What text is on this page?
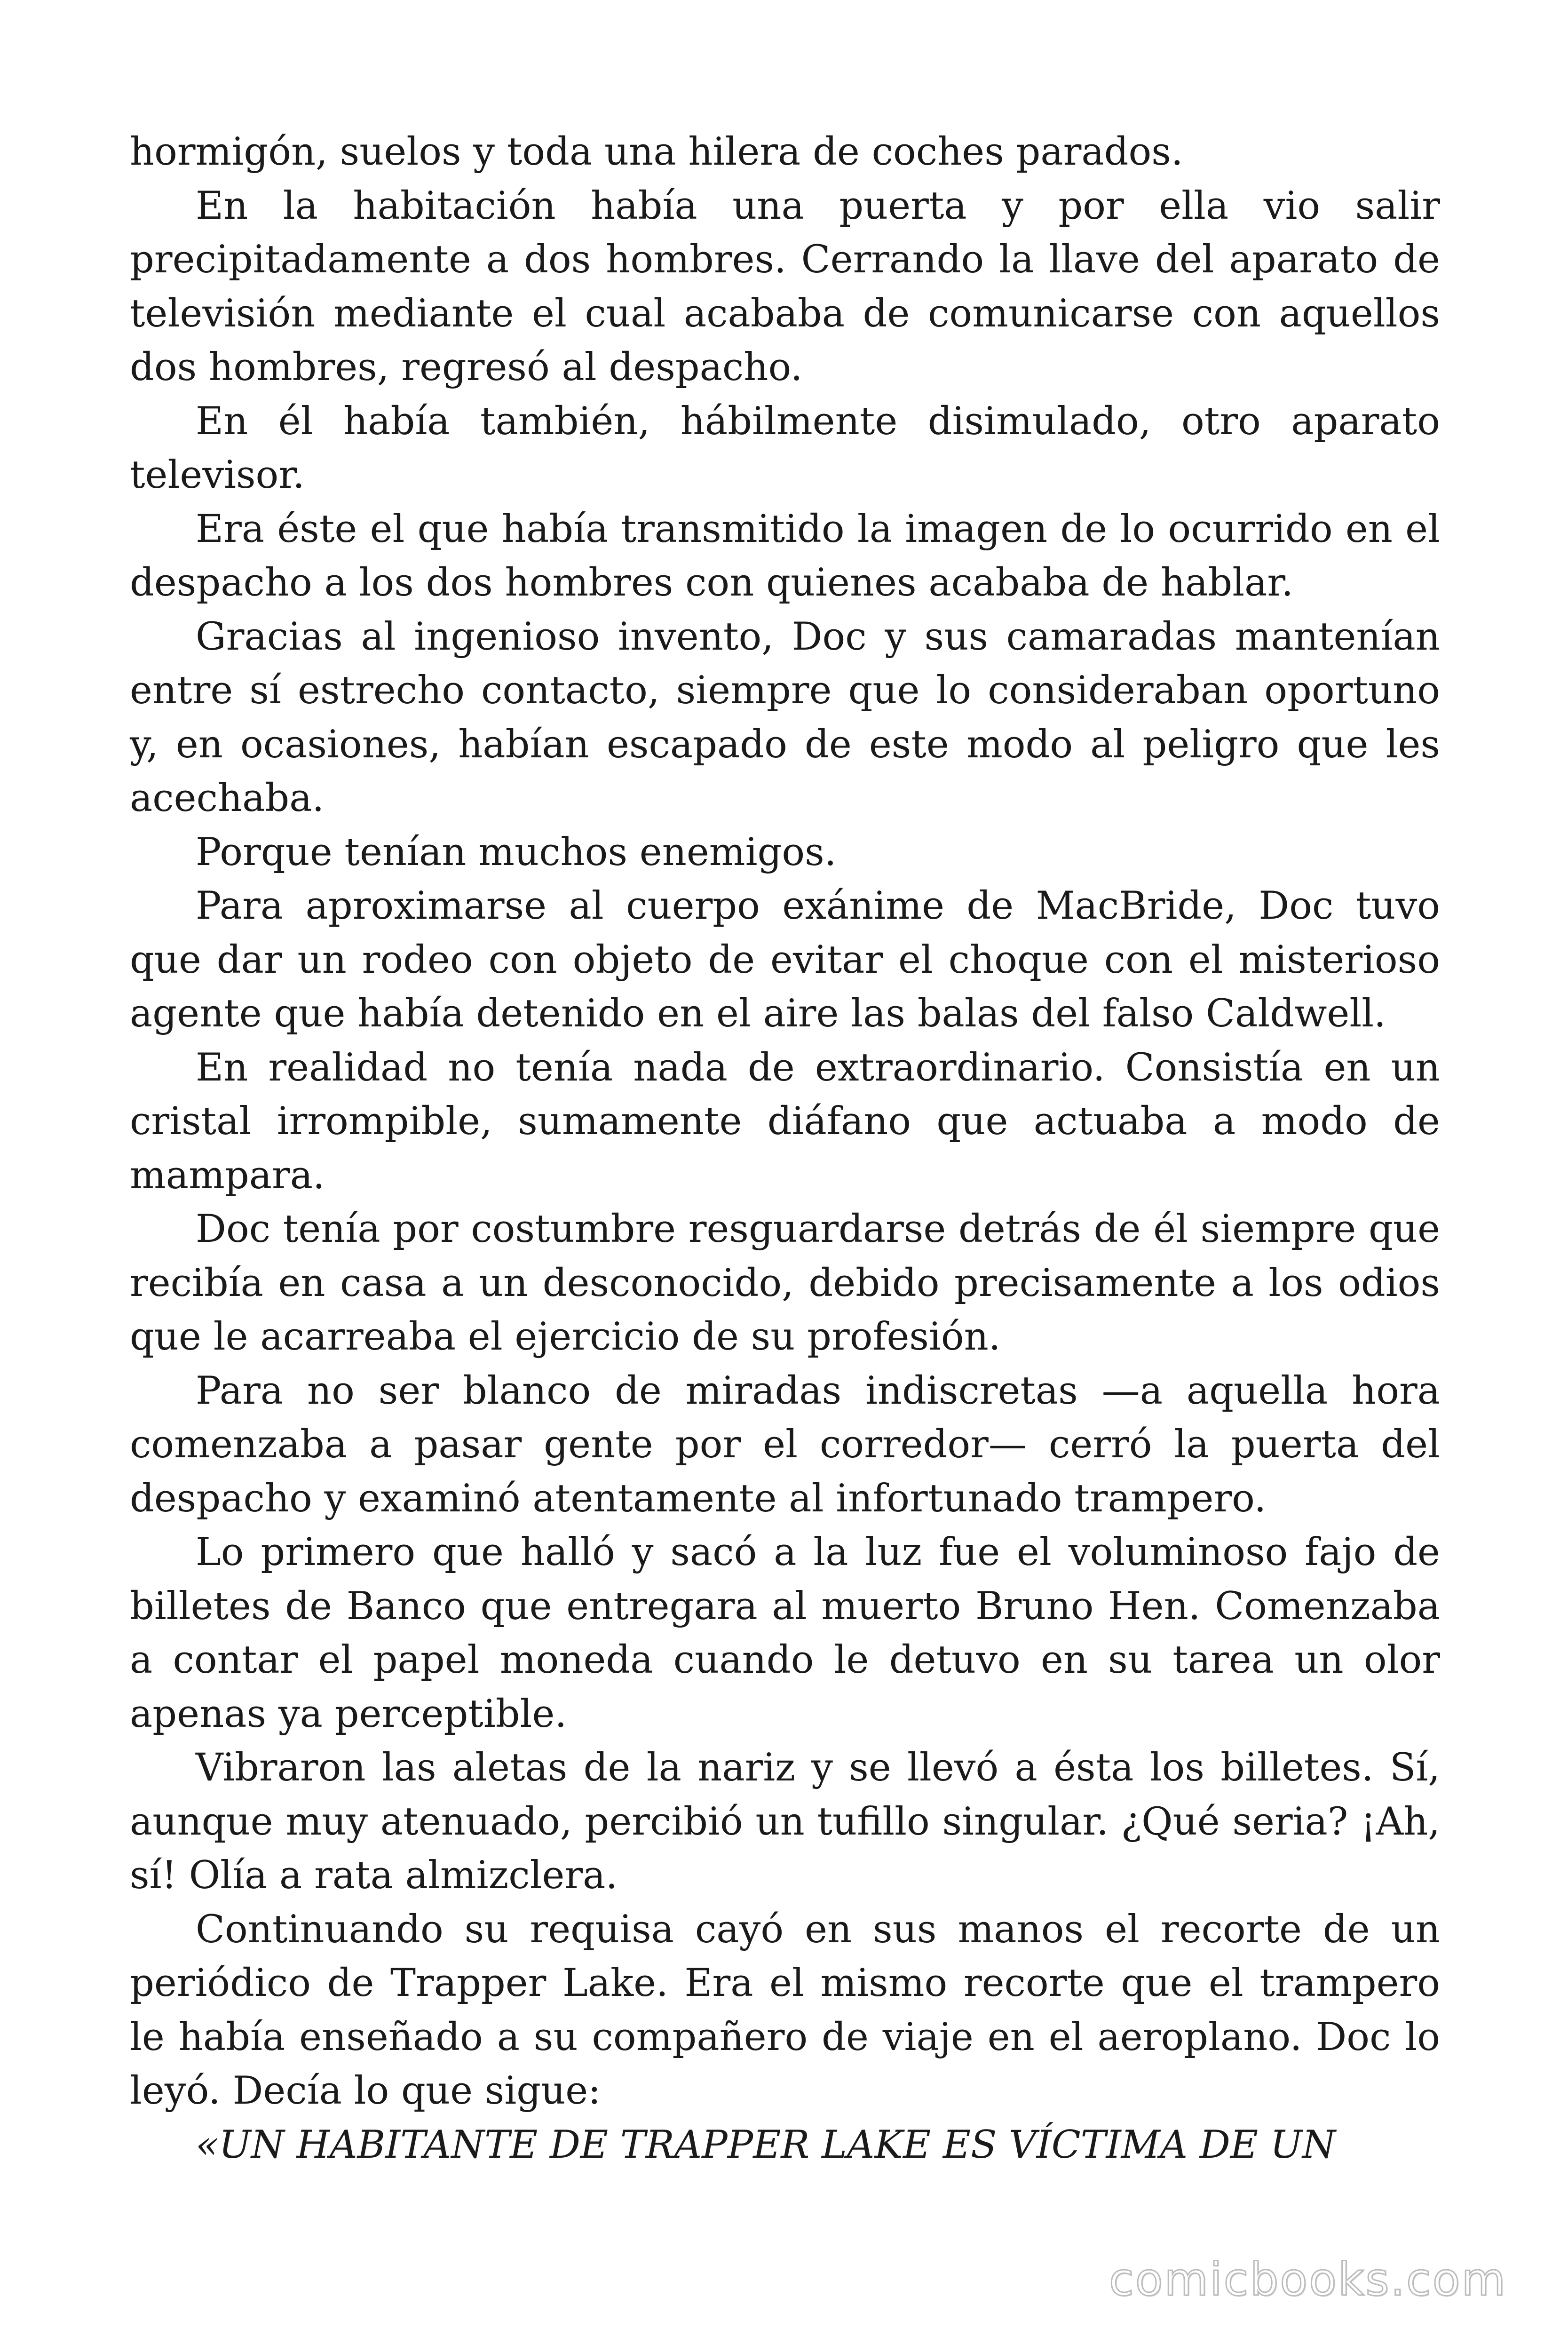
hormigón, suelos y toda una hilera de coches parados.

En la habitación había una puerta y por ella vio salir precipitadamente a dos hombres. Cerrando la llave del aparato de televisión mediante el cual acababa de comunicarse con aquellos dos hombres, regresó al despacho.

En él había también, hábilmente disimulado, otro aparato televisor.

Era éste el que había transmitido la imagen de lo ocurrido en el despacho a los dos hombres con quienes acababa de hablar.

Gracias al ingenioso invento, Doc y sus camaradas mantenían entre sí estrecho contacto, siempre que lo consideraban oportuno y, en ocasiones, habían escapado de este modo al peligro que les acechaba.

Porque tenían muchos enemigos.

Para aproximarse al cuerpo exánime de MacBride, Doc tuvo que dar un rodeo con objeto de evitar el choque con el misterioso agente que había detenido en el aire las balas del falso Caldwell.

En realidad no tenía nada de extraordinario. Consistía en un cristal irrompible, sumamente diáfano que actuaba a modo de mampara.

Doc tenía por costumbre resguardarse detrás de él siempre que recibía en casa a un desconocido, debido precisamente a los odios que le acarreaba el ejercicio de su profesión.

Para no ser blanco de miradas indiscretas —a aquella hora comenzaba a pasar gente por el corredor— cerró la puerta del despacho y examinó atentamente al infortunado trampero.

Lo primero que halló y sacó a la luz fue el voluminoso fajo de billetes de Banco que entregara al muerto Bruno Hen. Comenzaba a contar el papel moneda cuando le detuvo en su tarea un olor apenas ya perceptible.

Vibraron las aletas de la nariz y se llevó a ésta los billetes. Sí, aunque muy atenuado, percibió un tufillo singular. ¿Qué seria? ¡Ah, sí! Olía a rata almizclera.

Continuando su requisa cayó en sus manos el recorte de un periódico de Trapper Lake. Era el mismo recorte que el trampero le había enseñado a su compañero de viaje en el aeroplano. Doc lo leyó. Decía lo que sigue:

«UN HABITANTE DE TRAPPER LAKE ES VÍCTIMA DE UN

comicbooks.com
